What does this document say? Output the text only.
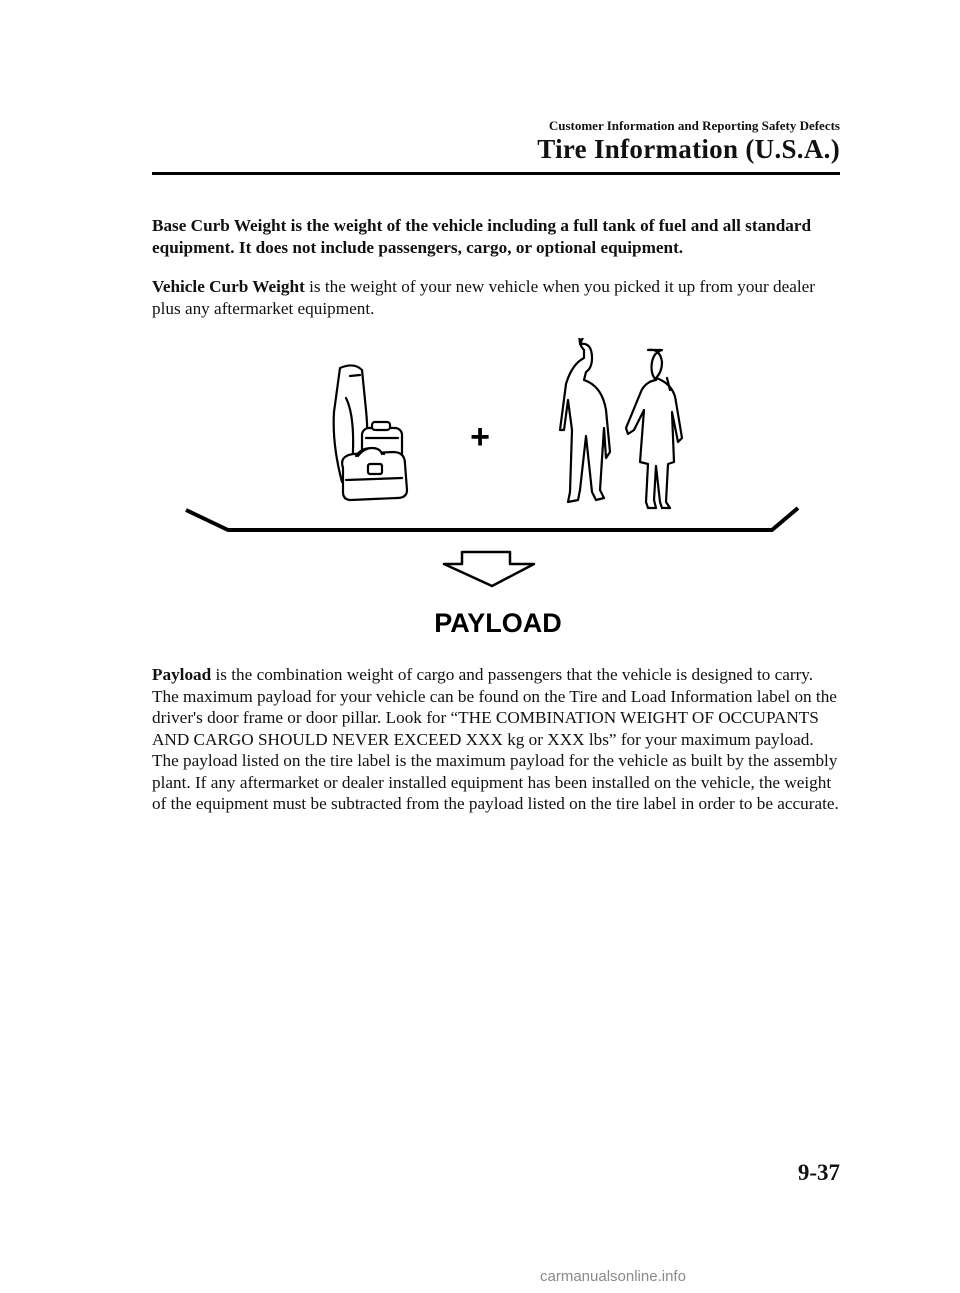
Customer Information and Reporting Safety Defects
Tire Information (U.S.A.)
Base Curb Weight is the weight of the vehicle including a full tank of fuel and all standard equipment. It does not include passengers, cargo, or optional equipment.
Vehicle Curb Weight is the weight of your new vehicle when you picked it up from your dealer plus any aftermarket equipment.
+
PAYLOAD
Payload is the combination weight of cargo and passengers that the vehicle is designed to carry. The maximum payload for your vehicle can be found on the Tire and Load Information label on the driver's door frame or door pillar. Look for “THE COMBINATION WEIGHT OF OCCUPANTS AND CARGO SHOULD NEVER EXCEED XXX kg or XXX lbs” for your maximum payload. The payload listed on the tire label is the maximum payload for the vehicle as built by the assembly plant. If any aftermarket or dealer installed equipment has been installed on the vehicle, the weight of the equipment must be subtracted from the payload listed on the tire label in order to be accurate.
9-37
carmanualsonline.info
